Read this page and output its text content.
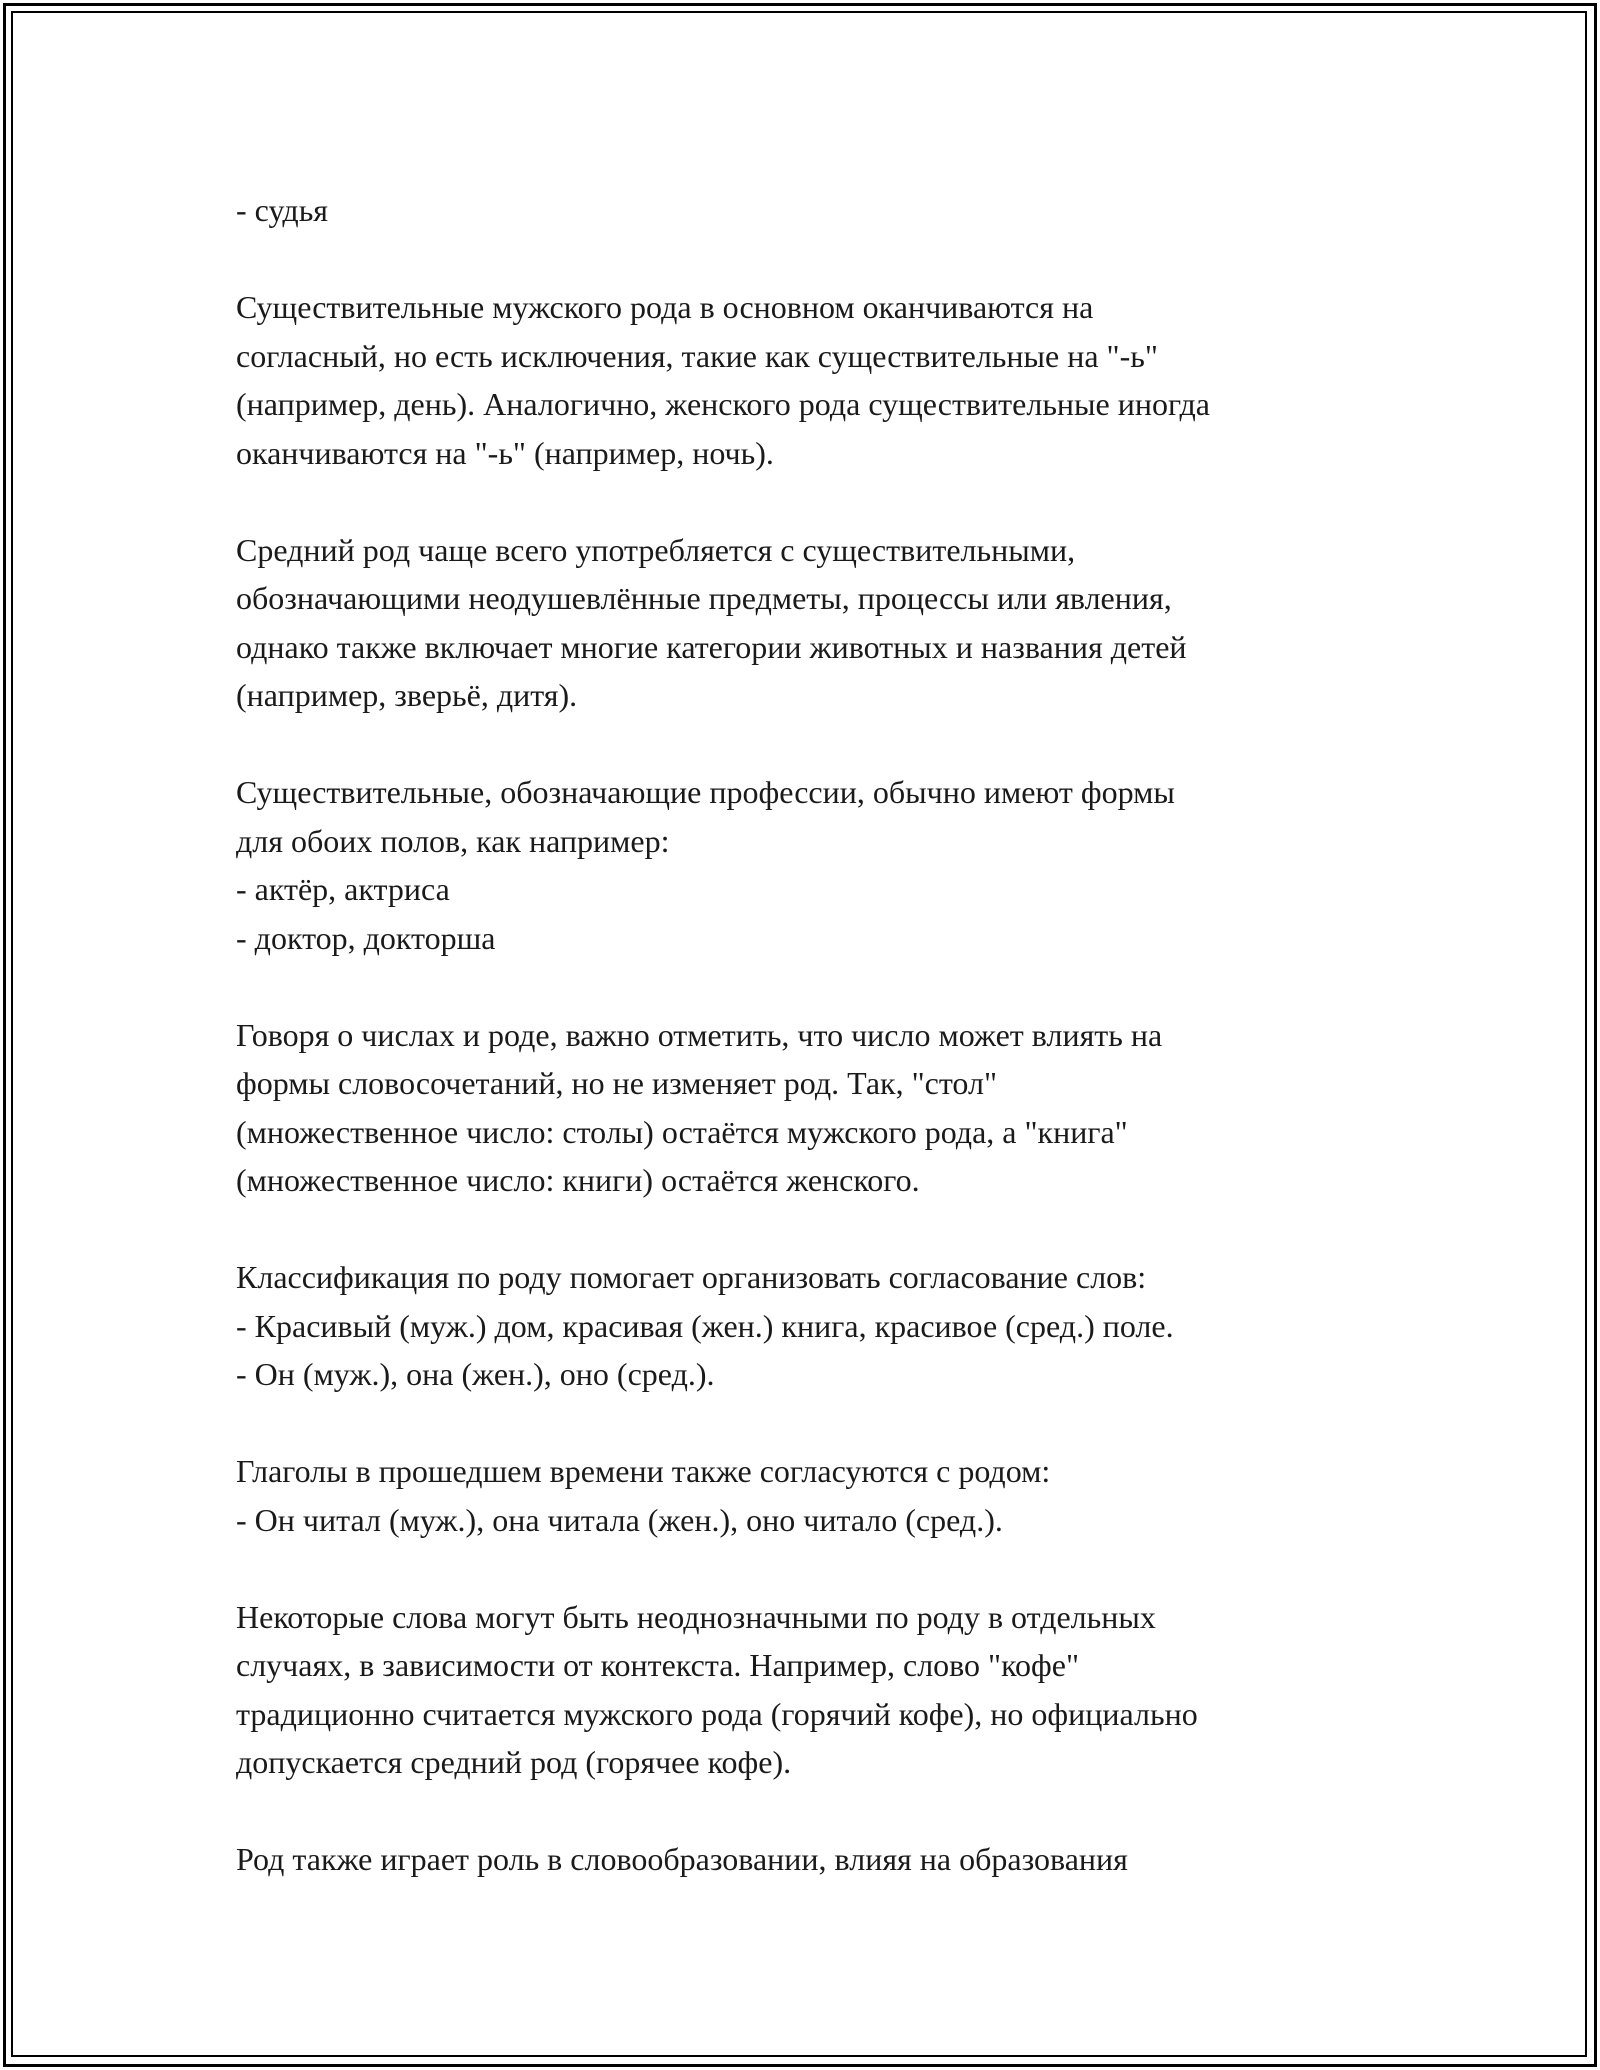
- судья
Существительные мужского рода в основном оканчиваются на
согласный, но есть исключения, такие как существительные на "-ь"
(например, день). Аналогично, женского рода существительные иногда
оканчиваются на "-ь" (например, ночь).
Средний род чаще всего употребляется с существительными,
обозначающими неодушевлённые предметы, процессы или явления,
однако также включает многие категории животных и названия детей
(например, зверьё, дитя).
Существительные, обозначающие профессии, обычно имеют формы
для обоих полов, как например:
- актёр, актриса
- доктор, докторша
Говоря о числах и роде, важно отметить, что число может влиять на
формы словосочетаний, но не изменяет род. Так, "стол"
(множественное число: столы) остаётся мужского рода, а "книга"
(множественное число: книги) остаётся женского.
Классификация по роду помогает организовать согласование слов:
- Красивый (муж.) дом, красивая (жен.) книга, красивое (сред.) поле.
- Он (муж.), она (жен.), оно (сред.).
Глаголы в прошедшем времени также согласуются с родом:
- Он читал (муж.), она читала (жен.), оно читало (сред.).
Некоторые слова могут быть неоднозначными по роду в отдельных
случаях, в зависимости от контекста. Например, слово "кофе"
традиционно считается мужского рода (горячий кофе), но официально
допускается средний род (горячее кофе).
Род также играет роль в словообразовании, влияя на образования
